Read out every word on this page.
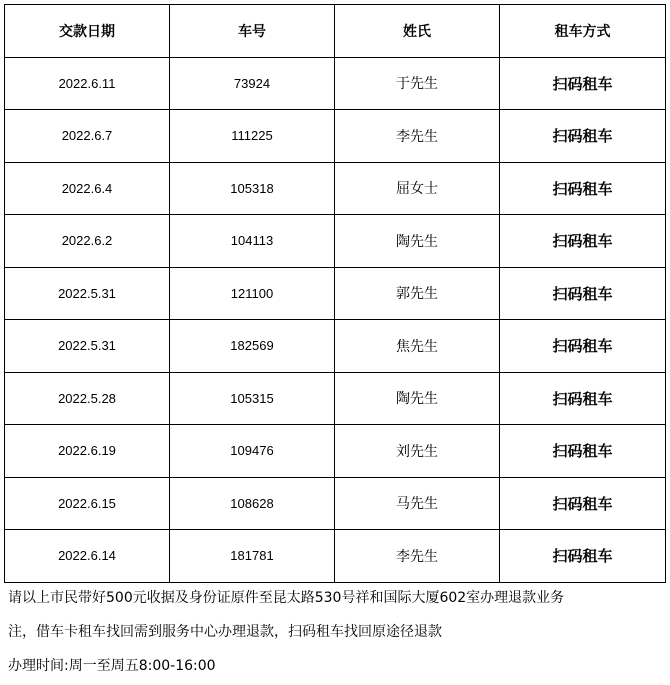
交款日期	车号	姓氏	租车方式
2022.6.11	73924	于先生	扫码租车
2022.6.7	111225	李先生	扫码租车
2022.6.4	105318	屈女士	扫码租车
2022.6.2	104113	陶先生	扫码租车
2022.5.31	121100	郭先生	扫码租车
2022.5.31	182569	焦先生	扫码租车
2022.5.28	105315	陶先生	扫码租车
2022.6.19	109476	刘先生	扫码租车
2022.6.15	108628	马先生	扫码租车
2022.6.14	181781	李先生	扫码租车
请以上市民带好500元收据及身份证原件至昆太路530号祥和国际大厦602室办理退款业务
注，借车卡租车找回需到服务中心办理退款，扫码租车找回原途径退款
办理时间:周一至周五8:00-16:00
